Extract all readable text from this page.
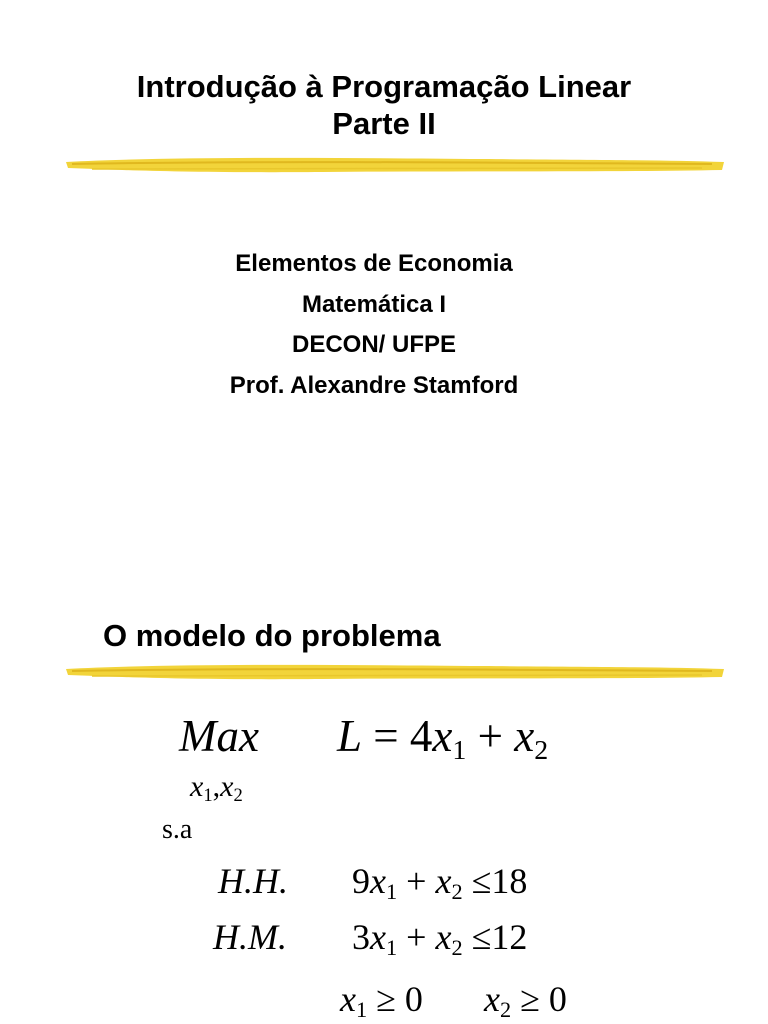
Introdução à Programação Linear
Parte II
Elementos de Economia
Matemática I
DECON/ UFPE
Prof. Alexandre Stamford
O modelo do problema
Max L = 4x1 + x2
x1,x2
s.a
H.H. 9x1 + x2 ≤18
H.M. 3x1 + x2 ≤12
x1 ≥ 0 x2 ≥ 0
